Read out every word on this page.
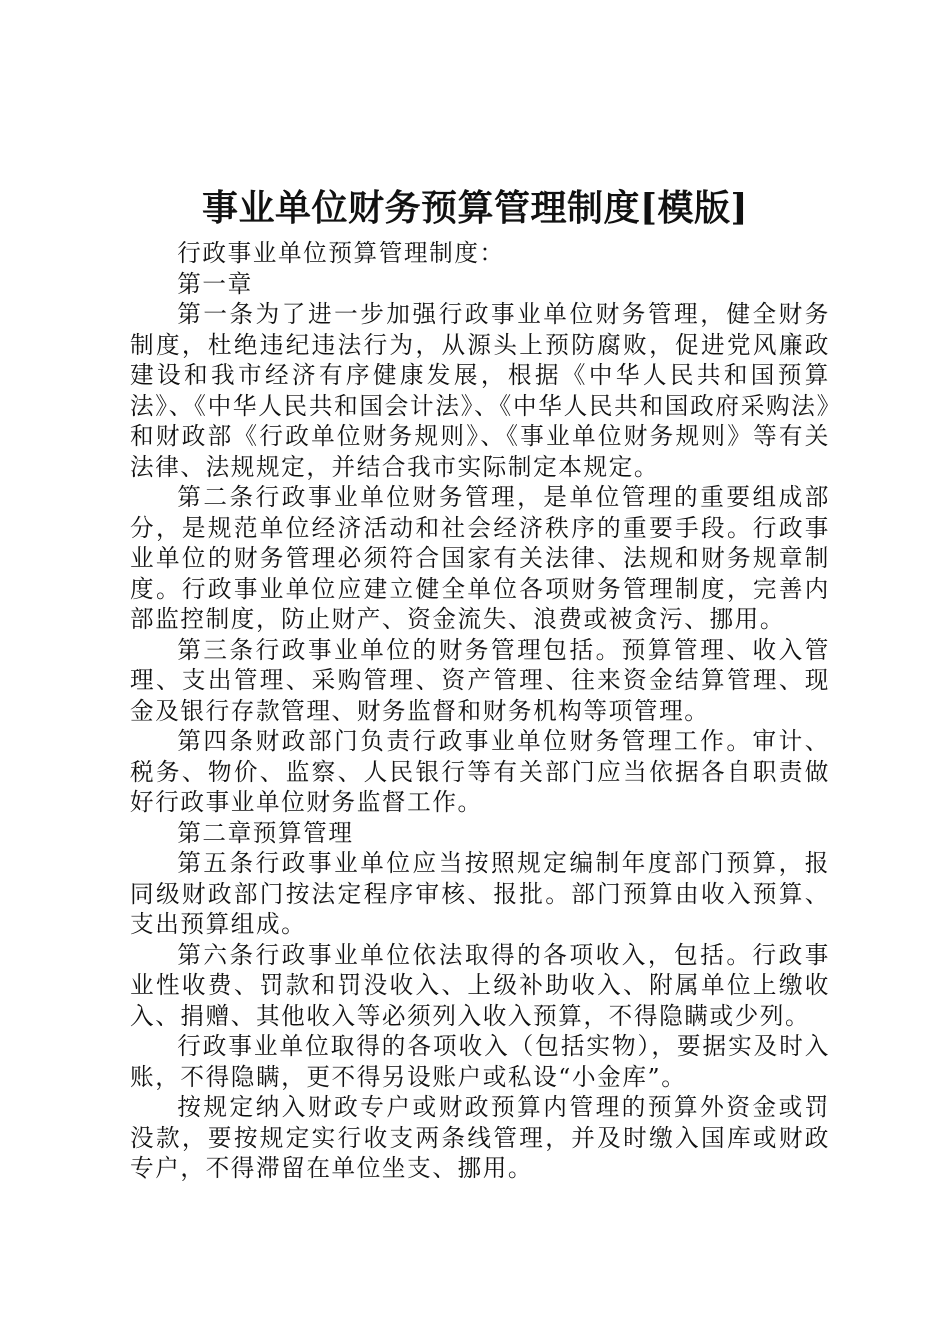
事业单位财务预算管理制度[模版]

行政事业单位预算管理制度：

第一章

第一条为了进一步加强行政事业单位财务管理，健全财务制度，杜绝违纪违法行为，从源头上预防腐败，促进党风廉政建设和我市经济有序健康发展，根据《中华人民共和国预算法》、《中华人民共和国会计法》、《中华人民共和国政府采购法》和财政部《行政单位财务规则》、《事业单位财务规则》等有关法律、法规规定，并结合我市实际制定本规定。

第二条行政事业单位财务管理，是单位管理的重要组成部分，是规范单位经济活动和社会经济秩序的重要手段。行政事业单位的财务管理必须符合国家有关法律、法规和财务规章制度。行政事业单位应建立健全单位各项财务管理制度，完善内部监控制度，防止财产、资金流失、浪费或被贪污、挪用。

第三条行政事业单位的财务管理包括。预算管理、收入管理、支出管理、采购管理、资产管理、往来资金结算管理、现金及银行存款管理、财务监督和财务机构等项管理。

第四条财政部门负责行政事业单位财务管理工作。审计、税务、物价、监察、人民银行等有关部门应当依据各自职责做好行政事业单位财务监督工作。

第二章预算管理

第五条行政事业单位应当按照规定编制年度部门预算，报同级财政部门按法定程序审核、报批。部门预算由收入预算、支出预算组成。

第六条行政事业单位依法取得的各项收入，包括。行政事业性收费、罚款和罚没收入、上级补助收入、附属单位上缴收入、捐赠、其他收入等必须列入收入预算，不得隐瞒或少列。

行政事业单位取得的各项收入（包括实物），要据实及时入账，不得隐瞒，更不得另设账户或私设“小金库”。

按规定纳入财政专户或财政预算内管理的预算外资金或罚没款，要按规定实行收支两条线管理，并及时缴入国库或财政专户，不得滞留在单位坐支、挪用。
